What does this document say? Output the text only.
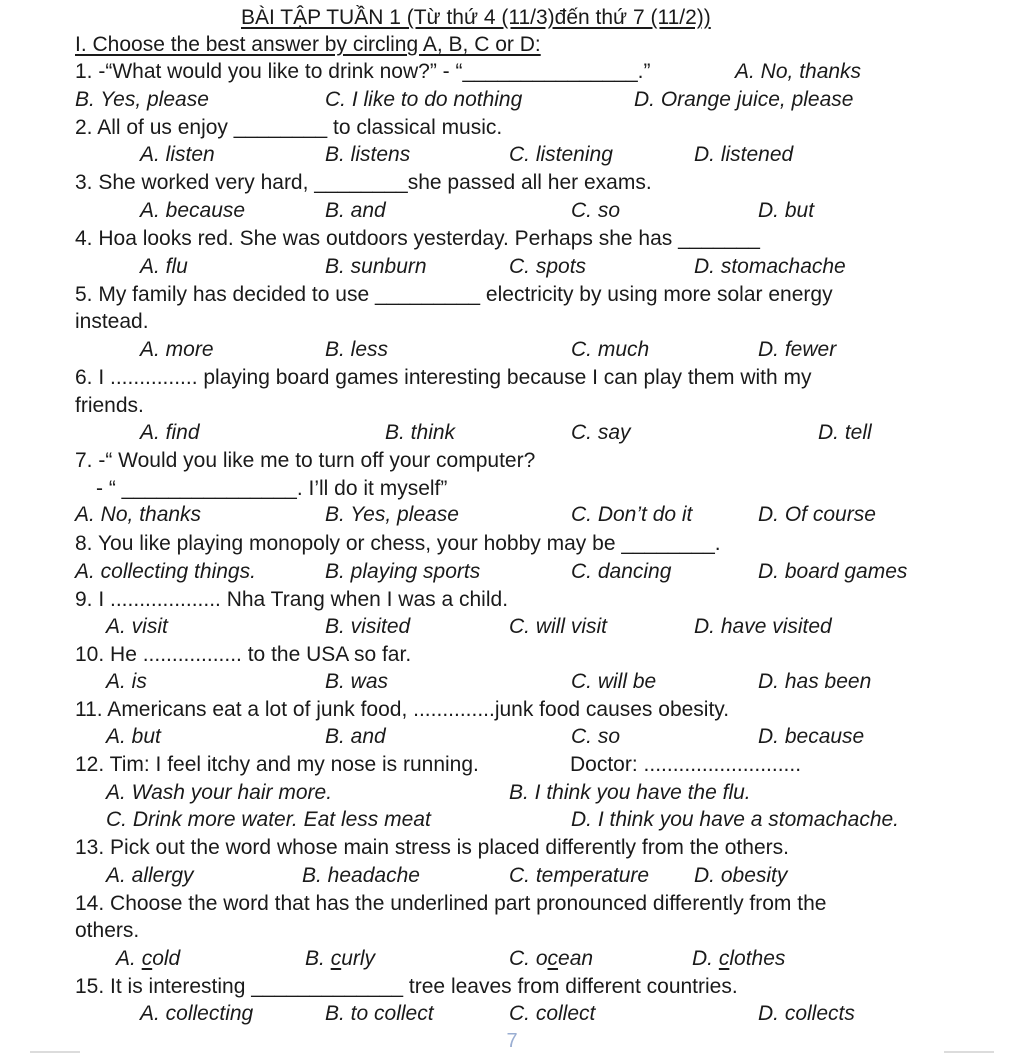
BÀI TẬP TUẦN 1 (Từ thứ 4 (11/3)đến thứ 7 (11/2))
I. Choose the best answer by circling A, B, C or D:
1. -“What would you like to drink now?” - “_______________.”	A. No, thanks
B. Yes, please	C. I like to do nothing	D. Orange juice, please
2. All of us enjoy ________ to classical music.
A. listen	B. listens	C. listening	D. listened
3. She worked very hard, ________she passed all her exams.
A. because	B. and	C. so	D. but
4. Hoa looks red. She was outdoors yesterday. Perhaps she has _______
A. flu	B. sunburn	C. spots	D. stomachache
5. My family has decided to use _________ electricity by using more solar energy
instead.
A. more	B. less	C. much	D. fewer
6. I ............... playing board games interesting because I can play them with my
friends.
A. find	B. think	C. say	D. tell
7. -“ Would you like me to turn off your computer?
- “ _______________. I’ll do it myself”
A. No, thanks	B. Yes, please	C. Don’t do it	D. Of course
8. You like playing monopoly or chess, your hobby may be ________.
A. collecting things.	B. playing sports	C. dancing	D. board games
9. I ................... Nha Trang when I was a child.
A. visit	B. visited	C. will visit	D. have visited
10. He ................. to the USA so far.
A. is	B. was	C. will be	D. has been
11. Americans eat a lot of junk food, ..............junk food causes obesity.
A. but	B. and	C. so	D. because
12. Tim: I feel itchy and my nose is running.	Doctor: ...........................
A. Wash your hair more.	B. I think you have the flu.
C. Drink more water. Eat less meat	D. I think you have a stomachache.
13. Pick out the word whose main stress is placed differently from the others.
A. allergy	B. headache	C. temperature D. obesity
14. Choose the word that has the underlined part pronounced differently from the
others.
A. cold	B. curly	C. ocean	D. clothes
15. It is interesting _____________ tree leaves from different countries.
A. collecting	B. to collect	C. collect	D. collects
7
